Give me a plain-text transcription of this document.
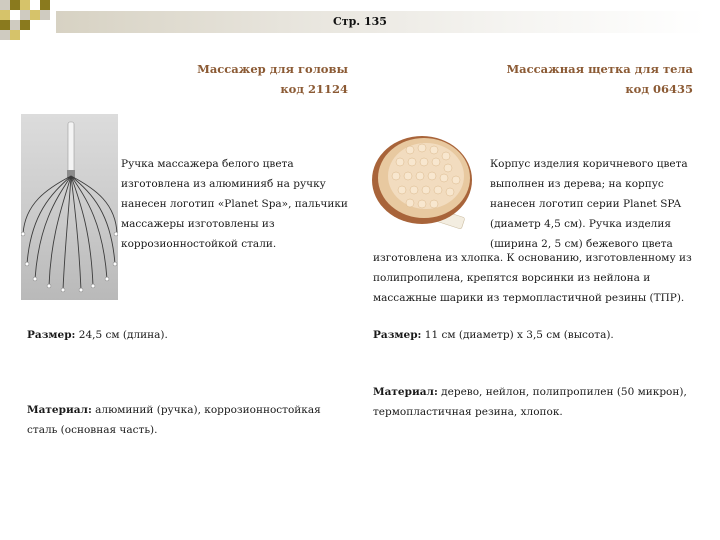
Стр. 135
Массажер для головы
код 21124
Ручка массажера белого цвета
изготовлена из алюминияб на ручку
нанесен логотип «Planet Spa», пальчики
массажеры изготовлены из
коррозионностойкой стали.
Размер: 24,5 см (длина).
Материал: алюминий (ручка), коррозионностойкая
сталь (основная часть).
Массажная щетка для тела
код 06435
Корпус изделия коричневого цвета
выполнен из дерева; на корпус
нанесен логотип серии Planet SPA
(диаметр 4,5 см). Ручка изделия
(ширина 2, 5 см) бежевого цвета
изготовлена из хлопка. К основанию, изготовленному из
полипропилена, крепятся ворсинки из нейлона и
массажные шарики из термопластичной резины (ТПР).
Размер: 11 см (диаметр) х 3,5 см (высота).
Материал: дерево, нейлон, полипропилен (50 микрон),
термопластичная резина, хлопок.
